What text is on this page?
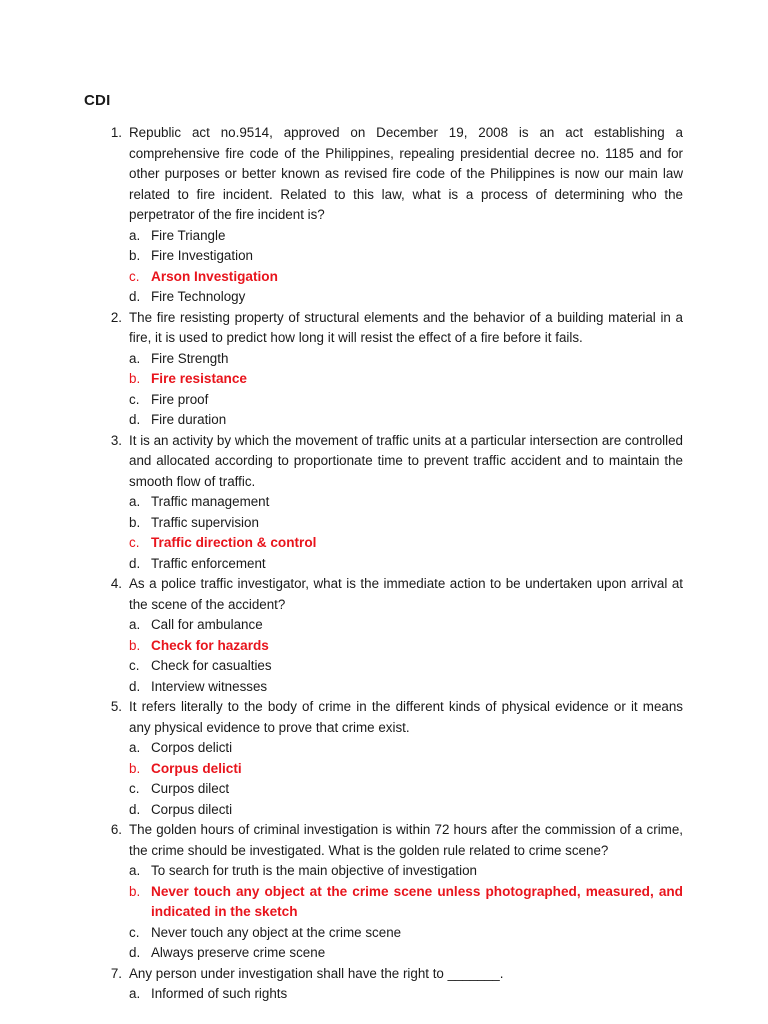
CDI
1. Republic act no.9514, approved on December 19, 2008 is an act establishing a comprehensive fire code of the Philippines, repealing presidential decree no. 1185 and for other purposes or better known as revised fire code of the Philippines is now our main law related to fire incident. Related to this law, what is a process of determining who the perpetrator of the fire incident is?
a. Fire Triangle
b. Fire Investigation
c. Arson Investigation
d. Fire Technology
2. The fire resisting property of structural elements and the behavior of a building material in a fire, it is used to predict how long it will resist the effect of a fire before it fails.
a. Fire Strength
b. Fire resistance
c. Fire proof
d. Fire duration
3. It is an activity by which the movement of traffic units at a particular intersection are controlled and allocated according to proportionate time to prevent traffic accident and to maintain the smooth flow of traffic.
a. Traffic management
b. Traffic supervision
c. Traffic direction & control
d. Traffic enforcement
4. As a police traffic investigator, what is the immediate action to be undertaken upon arrival at the scene of the accident?
a. Call for ambulance
b. Check for hazards
c. Check for casualties
d. Interview witnesses
5. It refers literally to the body of crime in the different kinds of physical evidence or it means any physical evidence to prove that crime exist.
a. Corpos delicti
b. Corpus delicti
c. Curpos dilect
d. Corpus dilecti
6. The golden hours of criminal investigation is within 72 hours after the commission of a crime, the crime should be investigated. What is the golden rule related to crime scene?
a. To search for truth is the main objective of investigation
b. Never touch any object at the crime scene unless photographed, measured, and indicated in the sketch
c. Never touch any object at the crime scene
d. Always preserve crime scene
7. Any person under investigation shall have the right to _______.
a. Informed of such rights
